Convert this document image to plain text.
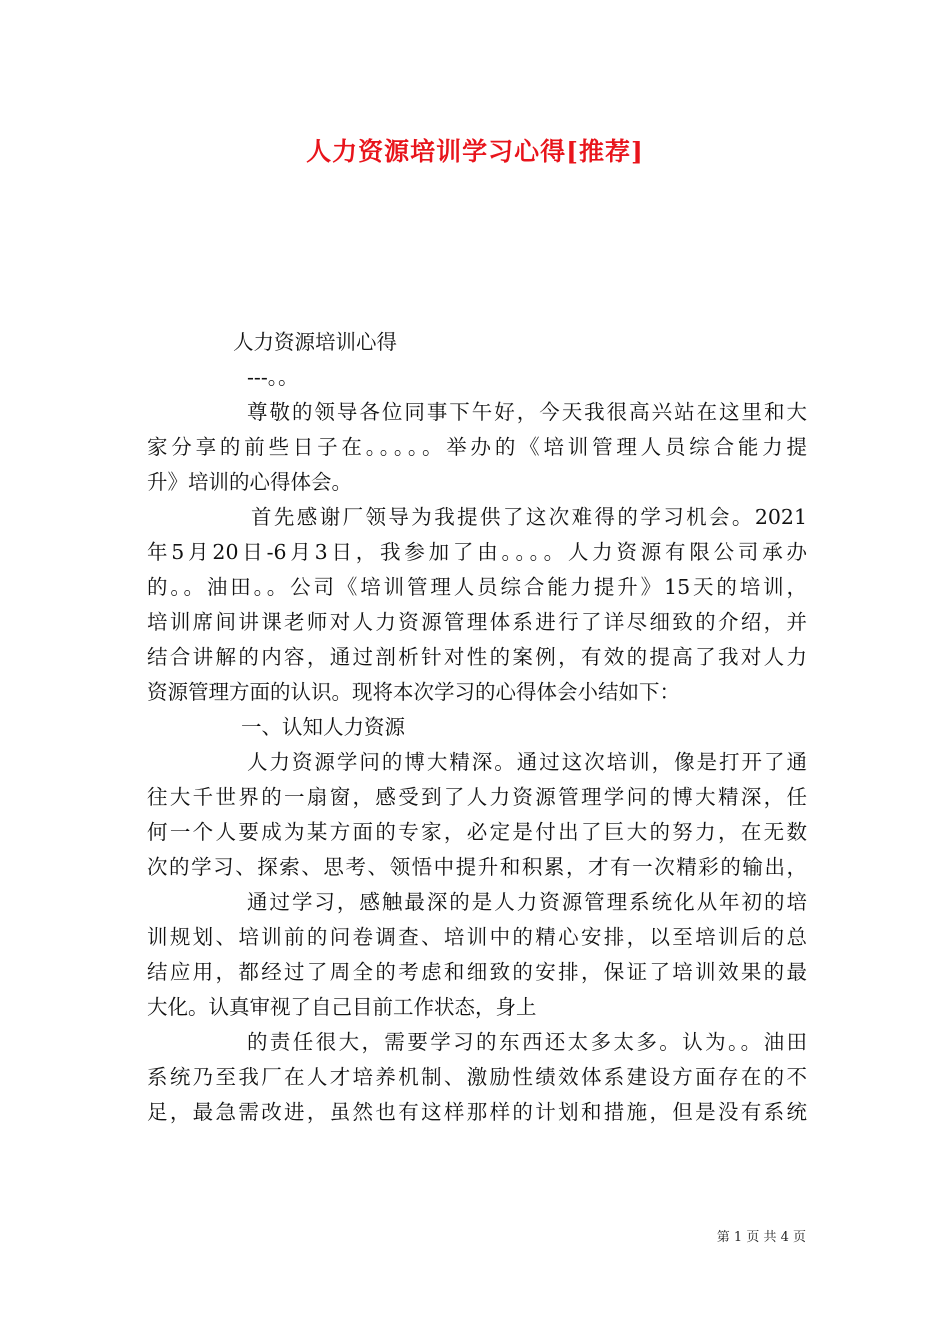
人力资源培训学习心得[推荐]
人力资源培训心得
---。。
尊敬的领导各位同事下午好，今天我很高兴站在这里和大
家分享的前些日子在。。。。。举办的《培训管理人员综合能力提
升》培训的心得体会。
首先感谢厂领导为我提供了这次难得的学习机会。2021
年5月20日-6月3日，我参加了由。。。。人力资源有限公司承办
的。。油田。。公司《培训管理人员综合能力提升》15天的培训，
培训席间讲课老师对人力资源管理体系进行了详尽细致的介绍，并
结合讲解的内容，通过剖析针对性的案例，有效的提高了我对人力
资源管理方面的认识。现将本次学习的心得体会小结如下：
一、认知人力资源
人力资源学问的博大精深。通过这次培训，像是打开了通
往大千世界的一扇窗，感受到了人力资源管理学问的博大精深，任
何一个人要成为某方面的专家，必定是付出了巨大的努力，在无数
次的学习、探索、思考、领悟中提升和积累，才有一次精彩的输出，
通过学习，感触最深的是人力资源管理系统化从年初的培
训规划、培训前的问卷调查、培训中的精心安排，以至培训后的总
结应用，都经过了周全的考虑和细致的安排，保证了培训效果的最
大化。认真审视了自己目前工作状态，身上
的责任很大，需要学习的东西还太多太多。认为。。油田
系统乃至我厂在人才培养机制、激励性绩效体系建设方面存在的不
足，最急需改进，虽然也有这样那样的计划和措施，但是没有系统
第 1 页 共 4 页
